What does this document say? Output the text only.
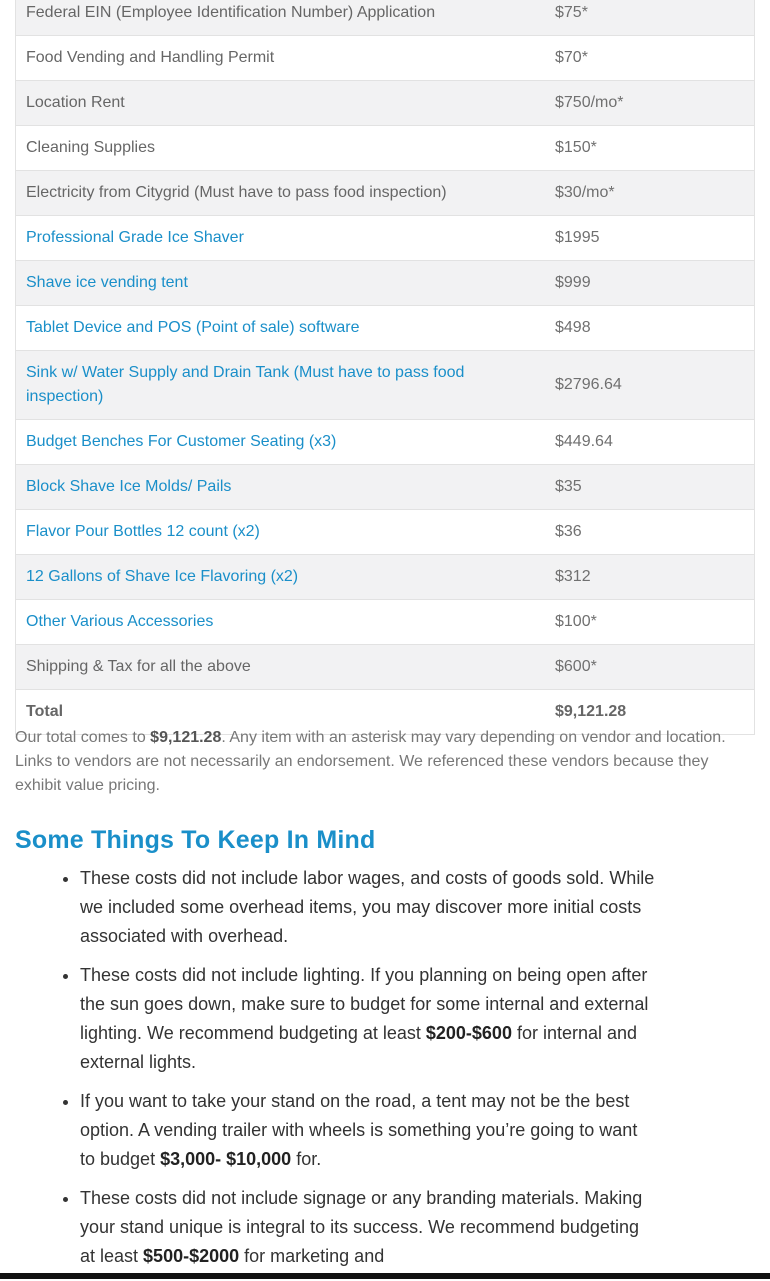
Federal EIN (Employee Identification Number) Application	$75*
Food Vending and Handling Permit	$70*
Location Rent	$750/mo*
Cleaning Supplies	$150*
Electricity from Citygrid (Must have to pass food inspection)	$30/mo*
Professional Grade Ice Shaver	$1995
Shave ice vending tent	$999
Tablet Device and POS (Point of sale) software	$498
Sink w/ Water Supply and Drain Tank (Must have to pass food inspection)	$2796.64
Budget Benches For Customer Seating (x3)	$449.64
Block Shave Ice Molds/ Pails	$35
Flavor Pour Bottles 12 count (x2)	$36
12 Gallons of Shave Ice Flavoring (x2)	$312
Other Various Accessories	$100*
Shipping & Tax for all the above	$600*
Total	$9,121.28

Our total comes to $9,121.28. Any item with an asterisk may vary depending on vendor and location. Links to vendors are not necessarily an endorsement. We referenced these vendors because they exhibit value pricing.

Some Things To Keep In Mind
• These costs did not include labor wages, and costs of goods sold. While we included some overhead items, you may discover more initial costs associated with overhead.
• These costs did not include lighting. If you planning on being open after the sun goes down, make sure to budget for some internal and external lighting. We recommend budgeting at least $200-$600 for internal and external lights.
• If you want to take your stand on the road, a tent may not be the best option. A vending trailer with wheels is something you’re going to want to budget $3,000- $10,000 for.
• These costs did not include signage or any branding materials. Making your stand unique is integral to its success. We recommend budgeting at least $500-$2000 for marketing and
